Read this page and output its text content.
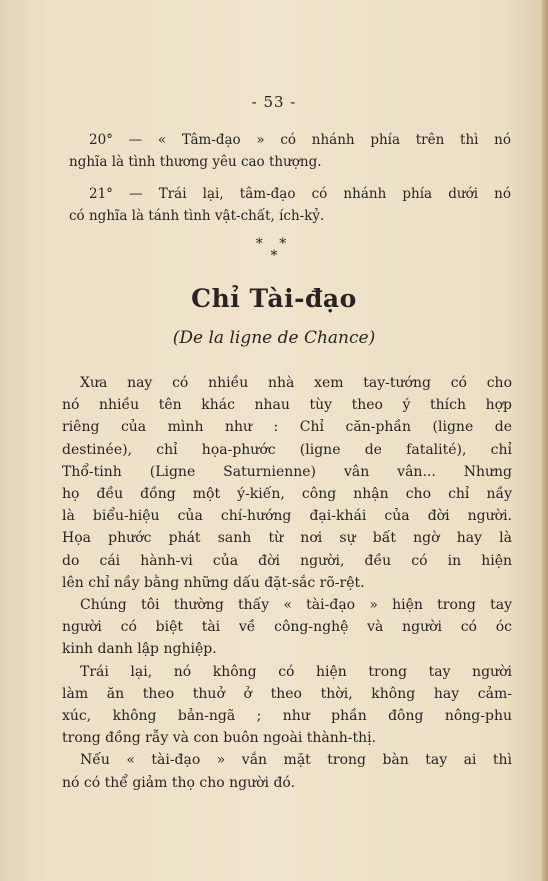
- 53 -
20° — « Tâm-đạo » có nhánh phía trên thì nó
nghĩa là tình thương yêu cao thượng.
21° — Trái lại, tâm-đạo có nhánh phía dưới nó
có nghĩa là tánh tình vật-chất, ích-kỷ.
* *
*
Chỉ Tài-đạo
(De la ligne de Chance)

Xưa nay có nhiều nhà xem tay-tướng có cho
nó nhiều tên khác nhau tùy theo ý thích hợp
riêng của mình như : Chỉ căn-phần (ligne de
destinée), chỉ họa-phước (ligne de fatalité), chỉ
Thổ-tinh (Ligne Saturnienne) vân vân... Nhưng
họ đều đồng một ý-kiến, công nhận cho chỉ nầy
là biểu-hiệu của chí-hướng đại-khái của đời người.
Họa phước phát sanh từ nơi sự bất ngờ hay là
do cái hành-vi của đời người, đều có in hiện
lên chỉ nầy bằng những dấu đặt-sắc rõ-rệt.

Chúng tôi thường thấy « tài-đạo » hiện trong tay
người có biệt tài về công-nghệ và người có óc
kinh danh lập nghiệp.

Trái lại, nó không có hiện trong tay người
làm ăn theo thuở ở theo thời, không hay cảm-
xúc, không bản-ngã ; như phần đông nông-phu
trong đồng rẫy và con buôn ngoài thành-thị.

Nếu « tài-đạo » vắn mặt trong bàn tay ai thì
nó có thể giảm thọ cho người đó.
